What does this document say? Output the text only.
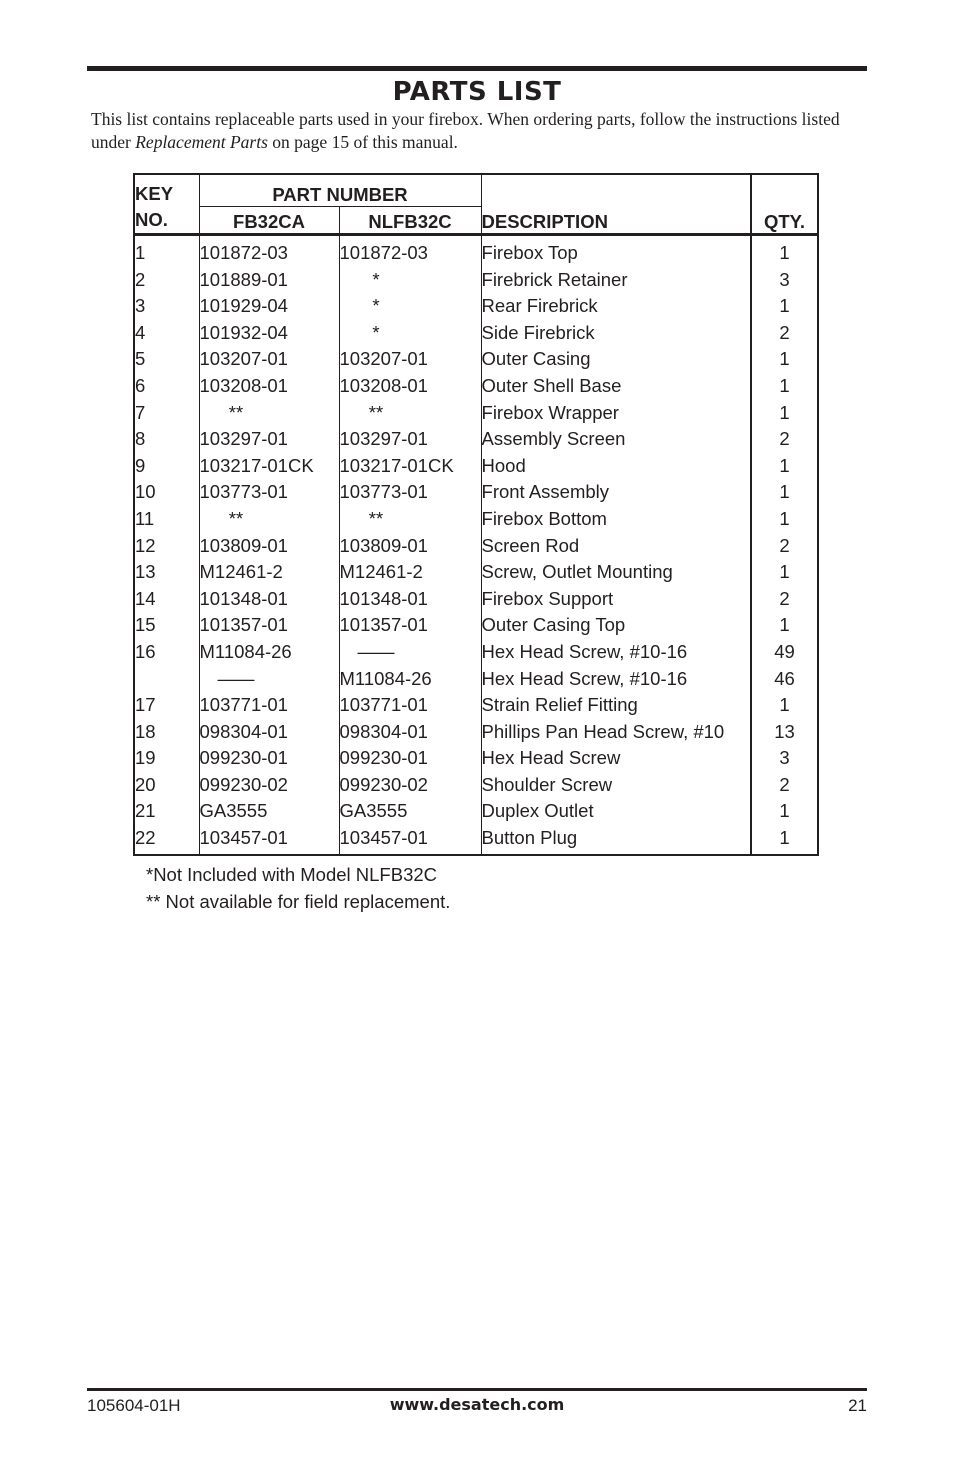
PARTS LIST
This list contains replaceable parts used in your firebox. When ordering parts, follow the instructions listed under Replacement Parts on page 15 of this manual.
KEY
NO.	PART NUMBER		DESCRIPTION	QTY.
	FB32CA	NLFB32C		
1	101872-03	101872-03	Firebox Top	1
2	101889-01	*	Firebrick Retainer	3
3	101929-04	*	Rear Firebrick	1
4	101932-04	*	Side Firebrick	2
5	103207-01	103207-01	Outer Casing	1
6	103208-01	103208-01	Outer Shell Base	1
7	**	**	Firebox Wrapper	1
8	103297-01	103297-01	Assembly Screen	2
9	103217-01CK	103217-01CK	Hood	1
10	103773-01	103773-01	Front Assembly	1
11	**	**	Firebox Bottom	1
12	103809-01	103809-01	Screen Rod	2
13	M12461-2	M12461-2	Screw, Outlet Mounting	1
14	101348-01	101348-01	Firebox Support	2
15	101357-01	101357-01	Outer Casing Top	1
16	M11084-26	——	Hex Head Screw, #10-16	49
	——	M11084-26	Hex Head Screw, #10-16	46
17	103771-01	103771-01	Strain Relief Fitting	1
18	098304-01	098304-01	Phillips Pan Head Screw, #10	13
19	099230-01	099230-01	Hex Head Screw	3
20	099230-02	099230-02	Shoulder Screw	2
21	GA3555	GA3555	Duplex Outlet	1
22	103457-01	103457-01	Button Plug	1
*Not Included with Model NLFB32C
** Not available for field replacement.
105604-01H	www.desatech.com	21
